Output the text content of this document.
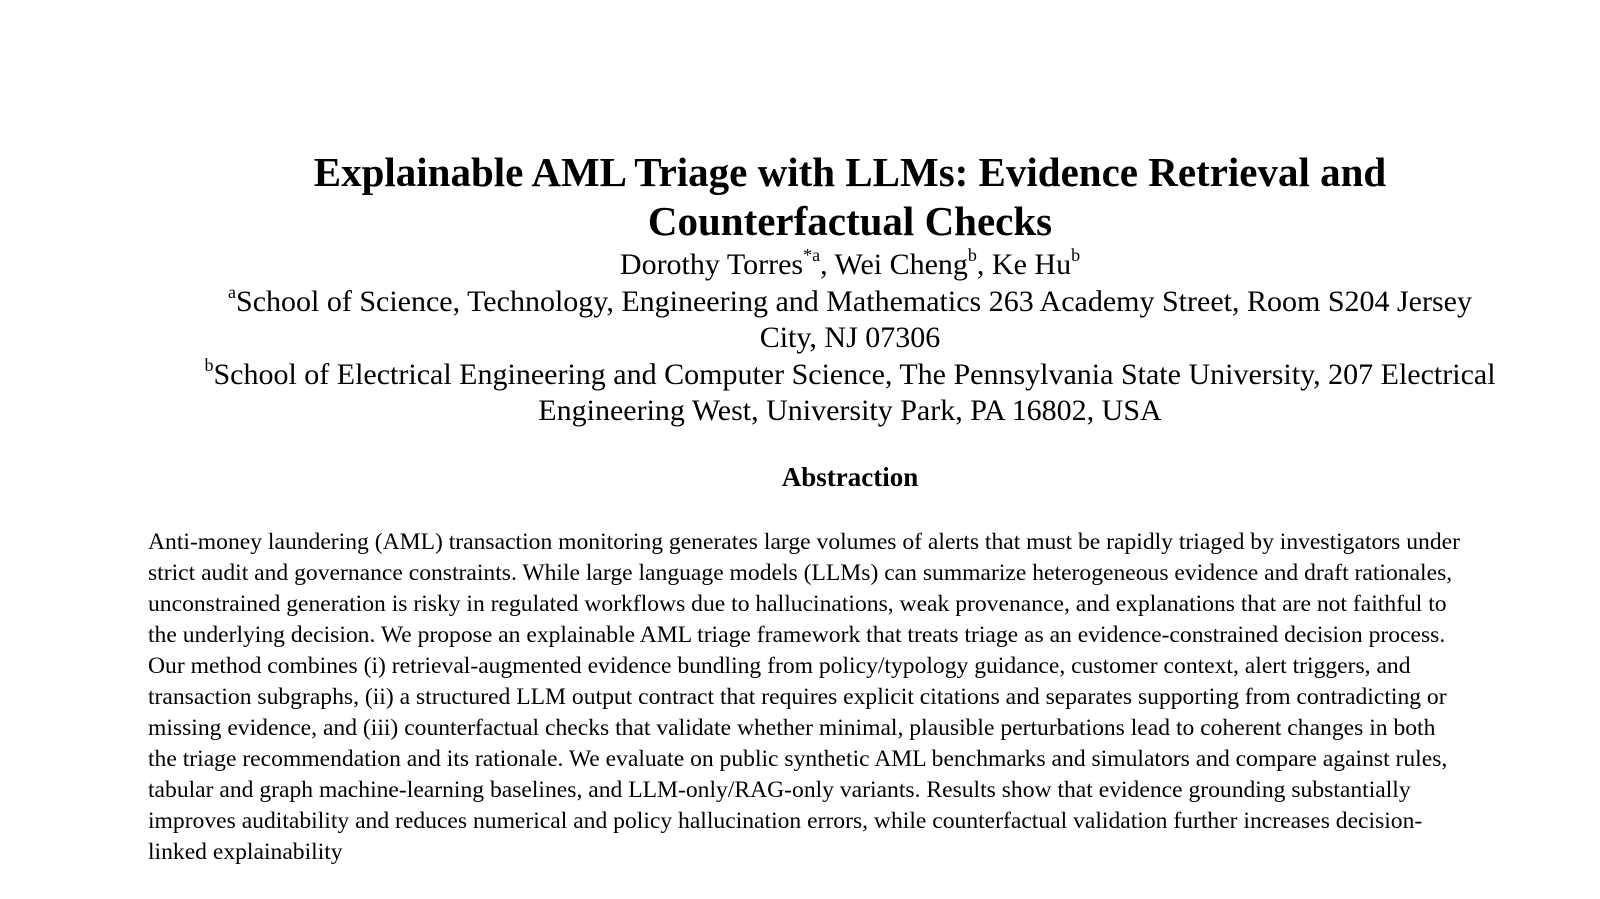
Explainable AML Triage with LLMs: Evidence Retrieval and Counterfactual Checks
Dorothy Torres$^{*a}$, Wei Cheng$^b$, Ke Hu$^b$
$^a$School of Science, Technology, Engineering and Mathematics 263 Academy Street, Room S204 Jersey City, NJ 07306
$^b$School of Electrical Engineering and Computer Science, The Pennsylvania State University, 207 Electrical Engineering West, University Park, PA 16802, USA
Abstraction
Anti-money laundering (AML) transaction monitoring generates large volumes of alerts that must be rapidly triaged by investigators under strict audit and governance constraints. While large language models (LLMs) can summarize heterogeneous evidence and draft rationales, unconstrained generation is risky in regulated workflows due to hallucinations, weak provenance, and explanations that are not faithful to the underlying decision. We propose an explainable AML triage framework that treats triage as an evidence-constrained decision process. Our method combines (i) retrieval-augmented evidence bundling from policy/typology guidance, customer context, alert triggers, and transaction subgraphs, (ii) a structured LLM output contract that requires explicit citations and separates supporting from contradicting or missing evidence, and (iii) counterfactual checks that validate whether minimal, plausible perturbations lead to coherent changes in both the triage recommendation and its rationale. We evaluate on public synthetic AML benchmarks and simulators and compare against rules, tabular and graph machine-learning baselines, and LLM-only/RAG-only variants. Results show that evidence grounding substantially improves auditability and reduces numerical and policy hallucination errors, while counterfactual validation further increases decision-linked explainability
